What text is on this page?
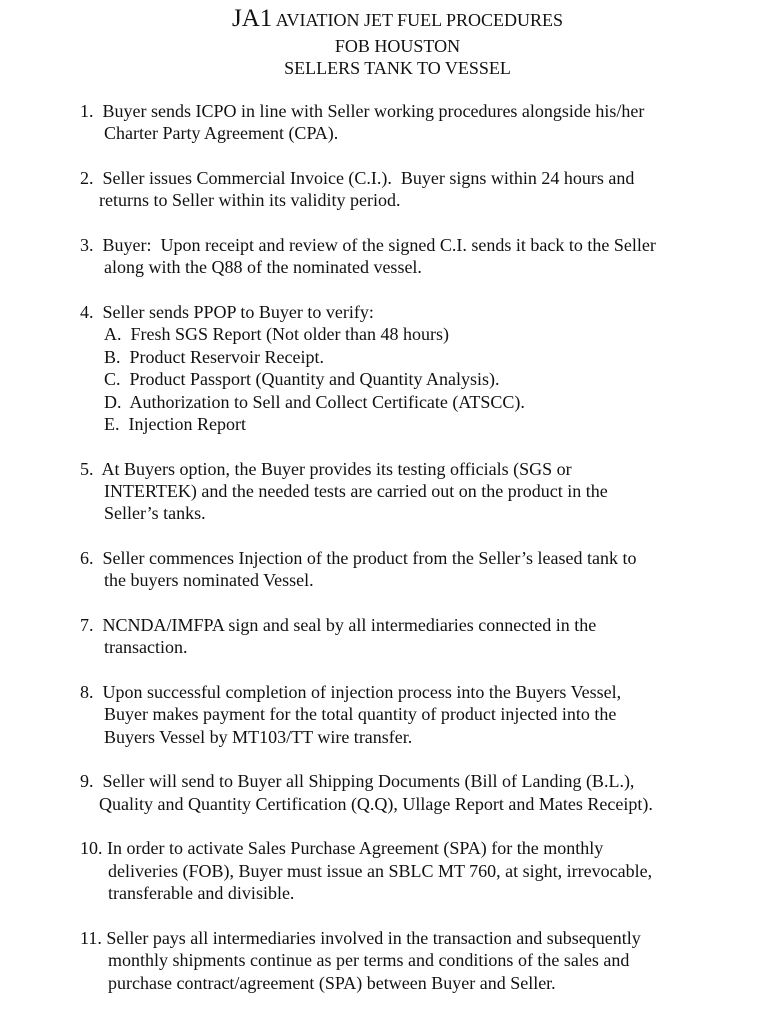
JA1 AVIATION JET FUEL PROCEDURES
FOB HOUSTON
SELLERS TANK TO VESSEL
1.  Buyer sends ICPO in line with Seller working procedures alongside his/her
Charter Party Agreement (CPA).
2.  Seller issues Commercial Invoice (C.I.).  Buyer signs within 24 hours and
returns to Seller within its validity period.
3.  Buyer:  Upon receipt and review of the signed C.I. sends it back to the Seller
along with the Q88 of the nominated vessel.
4.  Seller sends PPOP to Buyer to verify:
A.  Fresh SGS Report (Not older than 48 hours)
B.  Product Reservoir Receipt.
C.  Product Passport (Quantity and Quantity Analysis).
D.  Authorization to Sell and Collect Certificate (ATSCC).
E.  Injection Report
5.  At Buyers option, the Buyer provides its testing officials (SGS or
INTERTEK) and the needed tests are carried out on the product in the
Seller’s tanks.
6.  Seller commences Injection of the product from the Seller’s leased tank to
the buyers nominated Vessel.
7.  NCNDA/IMFPA sign and seal by all intermediaries connected in the
transaction.
8.  Upon successful completion of injection process into the Buyers Vessel,
Buyer makes payment for the total quantity of product injected into the
Buyers Vessel by MT103/TT wire transfer.
9.  Seller will send to Buyer all Shipping Documents (Bill of Landing (B.L.),
Quality and Quantity Certification (Q.Q), Ullage Report and Mates Receipt).
10. In order to activate Sales Purchase Agreement (SPA) for the monthly
deliveries (FOB), Buyer must issue an SBLC MT 760, at sight, irrevocable,
transferable and divisible.
11. Seller pays all intermediaries involved in the transaction and subsequently
monthly shipments continue as per terms and conditions of the sales and
purchase contract/agreement (SPA) between Buyer and Seller.
